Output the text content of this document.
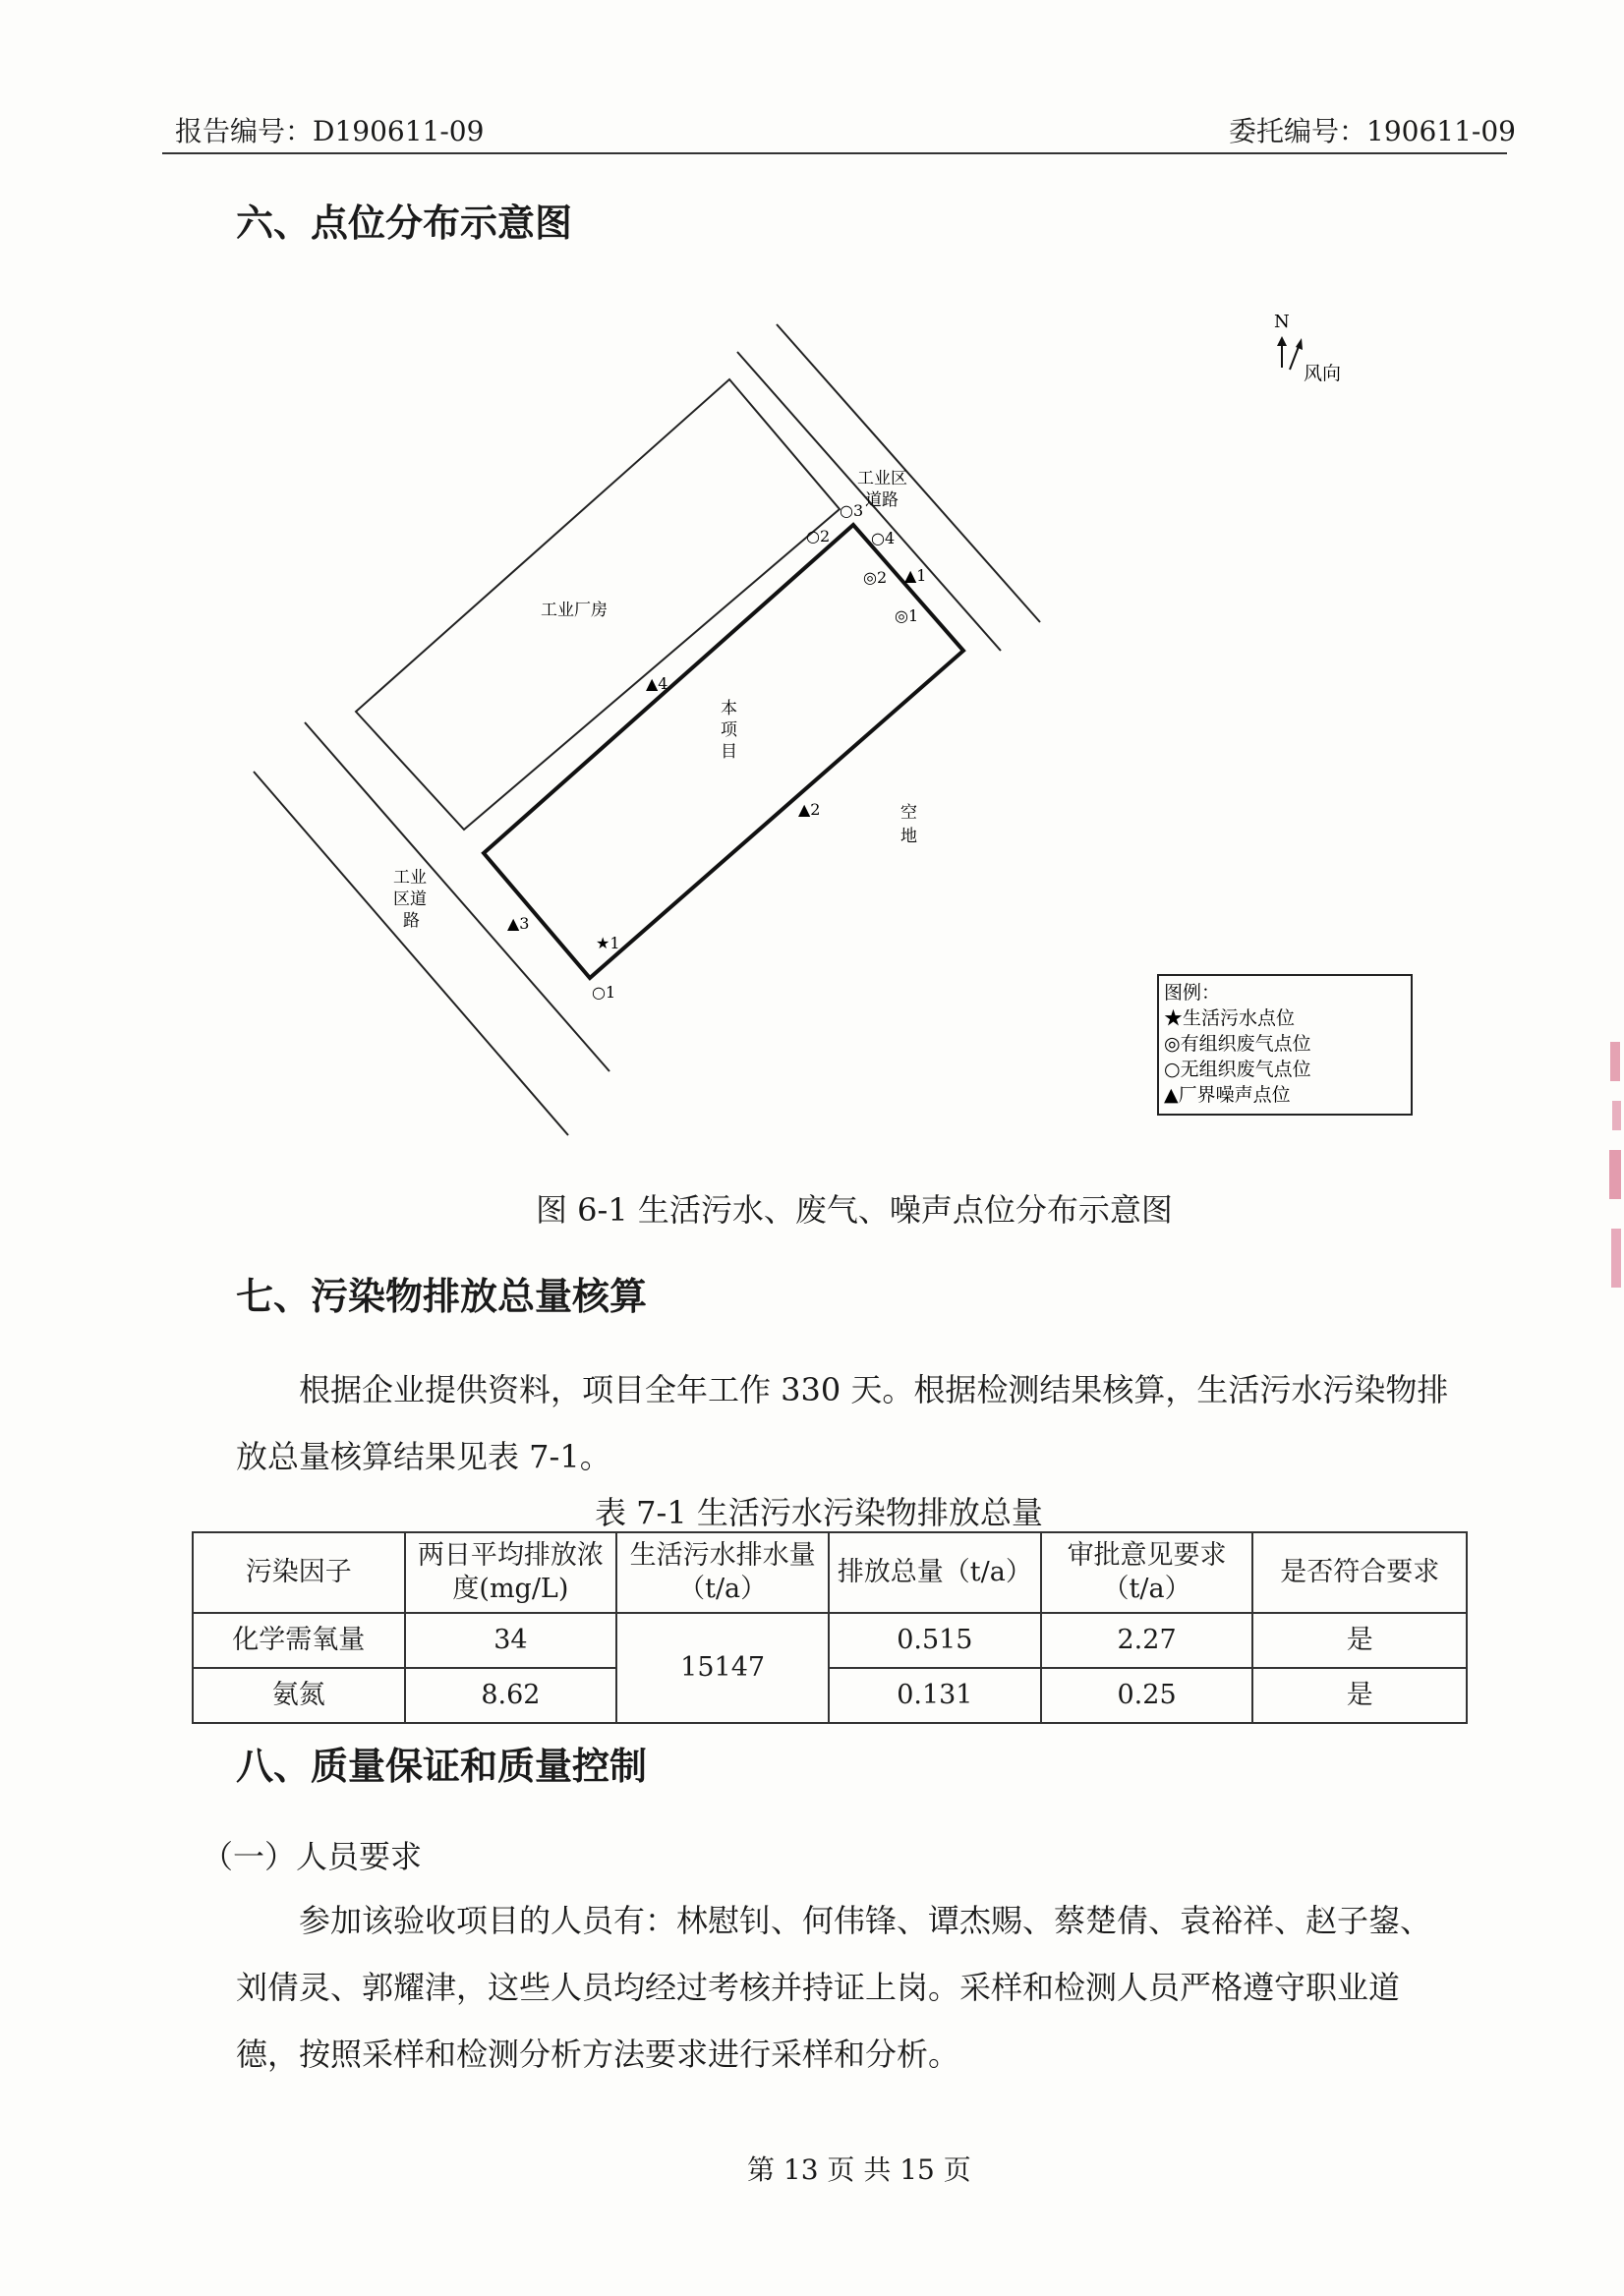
报告编号：D190611-09	委托编号：190611-09
六、点位分布示意图
N
风向
工业区
道路
工业
区道
路
工业厂房
本
项
目
空
地
○2
○3
○4
◎2 ▲1
◎1
▲4
▲2
▲3
★1
○1	图例：
★生活污水点位
◎有组织废气点位
○无组织废气点位
▲厂界噪声点位
图 6-1 生活污水、废气、噪声点位分布示意图
七、污染物排放总量核算
根据企业提供资料，项目全年工作 330 天。根据检测结果核算，生活污水污染物排放总量核算结果见表 7-1。
表 7-1 生活污水污染物排放总量
污染因子	两日平均排放浓度(mg/L)	生活污水排水量（t/a）	排放总量（t/a）	审批意见要求（t/a）	是否符合要求
化学需氧量	34	15147	0.515	2.27	是
氨氮	8.62		0.131	0.25	是
八、质量保证和质量控制
（一）人员要求
参加该验收项目的人员有：林慰钊、何伟锋、谭杰赐、蔡楚倩、袁裕祥、赵子鋆、刘倩灵、郭耀津，这些人员均经过考核并持证上岗。采样和检测人员严格遵守职业道德，按照采样和检测分析方法要求进行采样和分析。
第 13 页 共 15 页
